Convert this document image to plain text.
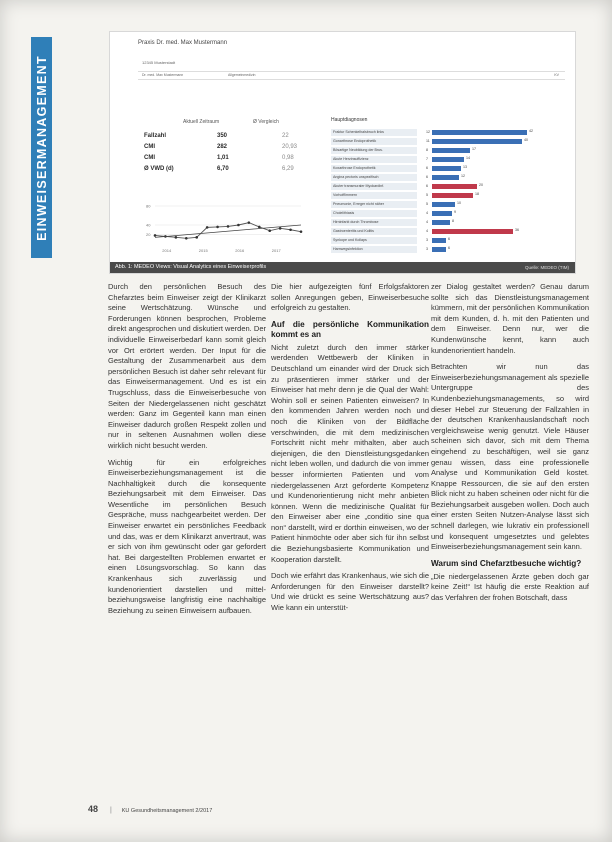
EINWEISERMANAGEMENT
Praxis Dr. med. Max Mustermann
12345 Musterstadt
Dr. med. Max Mustermann	Allgemeinmedizin	KV
Aktuell Zeitraum	Ø Vergleich
Fallzahl	350	22
CMI	282	20,93
CMI	1,01	0,98
Ø VWD (d)	6,70	6,29
80
40
20
2014	2015	2016	2017
Hauptdiagnosen
Fraktur Schenkelhalsbruch links	12	42
Gonarthrose Endoprothetik	11	40
Bösartige Neubildung der Brus.	8	17
Akute Herzinsuffizienz	7	14
Koxarthrose Endoprothetik	6	13
Angina pectoris unspezifisch	6	12
Akuter transmuraler Myokardinf.	6	20
Vorhofflimmern	5	18
Pneumonie, Erreger nicht näher	5	10
Cholelithiasis	4	9
Hirninfarkt durch Thrombose	4	8
Gastroenteritis und Kolitis	4	36
Synkope und Kollaps	3	6
Harnwegsinfektion	3	6
Abb. 1: MEDEO Views: Visual Analytics eines Einweiserprofils	Quelle: MEDEO (TIM)

Durch den persönlichen Besuch des Chefarztes beim Einweiser zeigt der Klinikarzt seine Wertschätzung. Wünsche und Forderungen können besprochen, Probleme direkt angesprochen und diskutiert werden. Der individuelle Einweiserbedarf kann somit gleich vor Ort erörtert werden. Der Input für die Gestaltung der Zusammenarbeit aus dem persönlichen Besuch ist daher sehr relevant für das Einweisermanagement. Und es ist ein Trugschluss, dass die Einweiserbesuche von Seiten der Niedergelassenen nicht geschätzt werden: Ganz im Gegenteil kann man einen Einweiser dadurch großen Respekt zollen und nur in seltenen Ausnahmen wollen diese wirklich nicht besucht werden.

Wichtig für ein erfolgreiches Einweiserbeziehungsmanagement ist die Nachhaltigkeit durch die konsequente Beziehungsarbeit mit dem Einweiser. Das Wesentliche im persönlichen Besuch Gespräche, muss nachgearbeitet werden. Der Einweiser erwartet ein persönliches Feedback und das, was er dem Klinikarzt anvertraut, was er sich von ihm gewünscht oder gar gefordert hat. Bei dargestellten Problemen erwartet er einen Lösungsvorschlag. So kann das Krankenhaus sich zuverlässig und kundenorientiert darstellen und mittel- beziehungsweise langfristig eine nachhaltige Beziehung zu seinen Einweisern aufbauen.

Die hier aufgezeigten fünf Erfolgsfaktoren sollen Anregungen geben, Einweiserbesuche erfolgreich zu gestalten.

Auf die persönliche Kommunikation kommt es an

Nicht zuletzt durch den immer stärker werdenden Wettbewerb der Kliniken in Deutschland um einander wird der Druck sich zu präsentieren immer stärker und der Einweiser hat mehr denn je die Qual der Wahl: Wohin soll er seinen Patienten einweisen? In den kommenden Jahren werden noch und noch die Kliniken von der Bildfläche verschwinden, die mit dem medizinischen Fortschritt nicht mehr mithalten, aber auch diejenigen, die den Dienstleistungsgedanken nicht leben wollen, und dadurch die von immer besser informierten Patienten und vom niedergelassenen Arzt geforderte Kompetenz und Kundenorientierung nicht mehr anbieten können. Wenn die medizinische Qualität für den Einweiser aber eine „conditio sine qua non“ darstellt, wird er dorthin einweisen, wo der Patient hinmöchte oder aber sich für ihn selbst die Beziehungsbasierte Kommunikation und Kooperation darstellt.

Doch wie erfährt das Krankenhaus, wie sich die Anforderungen für den Einweiser darstellt? Und wie drückt es seine Wertschätzung aus? Wie kann ein unterstüt-

zer Dialog gestaltet werden? Genau darum sollte sich das Dienstleistungsmanagement kümmern, mit der persönlichen Kommunikation mit dem Kunden, d. h. mit den Patienten und dem Einweiser. Denn nur, wer die Kundenwünsche kennt, kann auch kundenorientiert handeln.

Betrachten wir nun das Einweiserbeziehungsmanagement als spezielle Untergruppe des Kundenbeziehungsmanagements, so wird dieser Hebel zur Steuerung der Fallzahlen in der deutschen Krankenhauslandschaft noch vergleichsweise wenig genutzt. Viele Häuser scheinen sich davor, sich mit dem Thema eingehend zu beschäftigen, weil sie ganz genau wissen, dass eine professionelle Analyse und Kommunikation Geld kostet. Knappe Ressourcen, die sie auf den ersten Blick nicht zu haben scheinen oder nicht für die Beziehungsarbeit ausgeben wollen. Doch auch einer ersten Seiten Nutzen-Analyse lässt sich schnell darlegen, wie lukrativ ein professionell und konsequent umgesetztes und gelebtes Einweiserbeziehungsmanagement sein kann.

Warum sind Chefarztbesuche wichtig?

„Die niedergelassenen Ärzte geben doch gar keine Zeit!“ Ist häufig die erste Reaktion auf das Verfahren der frohen Botschaft, dass

48 | KU Gesundheitsmanagement 2/2017
